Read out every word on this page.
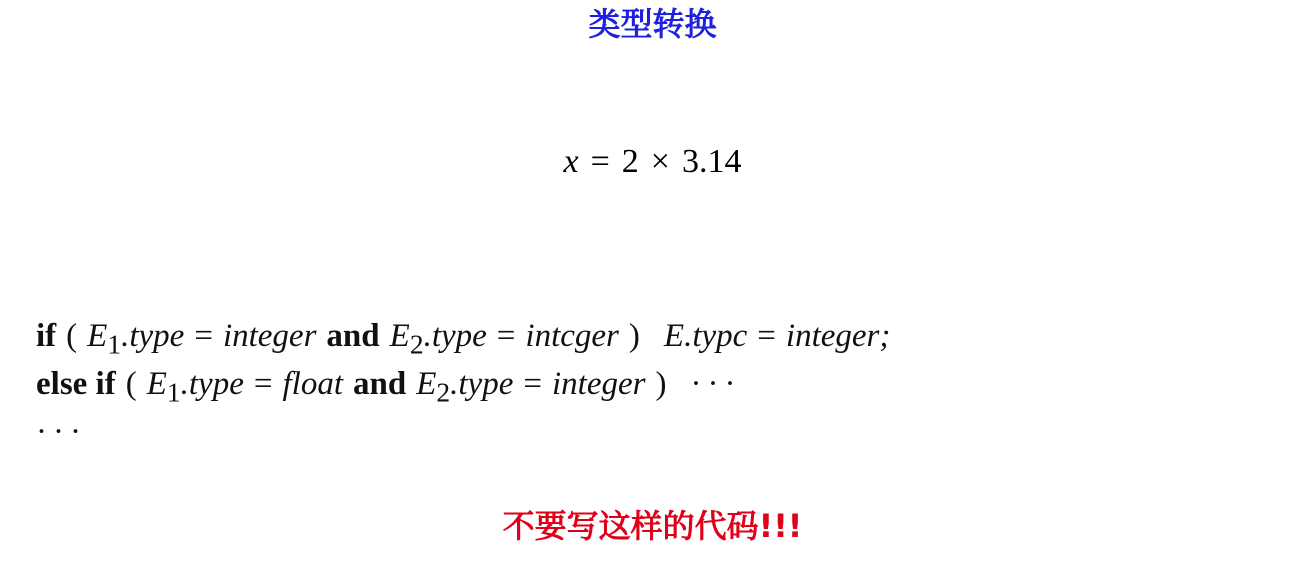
类型转换
x = 2 × 3.14
if ( $E_1.type$ = integer and $E_2.type$ = intcger ) E.typc = integer;
else if ( $E_1.type$ = float and $E_2.type$ = integer ) ···
···
不要写这样的代码!!!
